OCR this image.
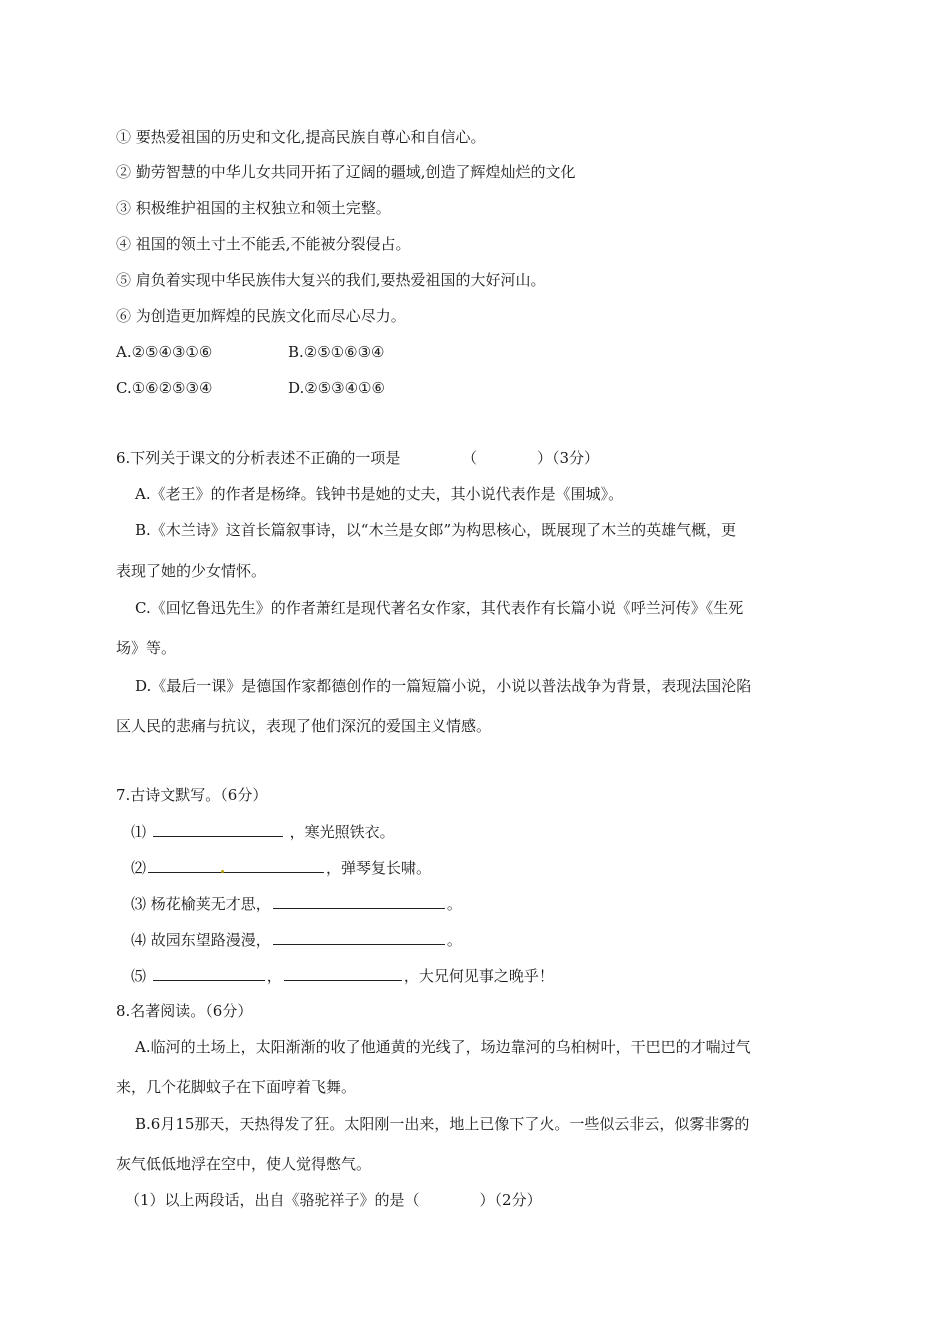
① 要热爱祖国的历史和文化,提高民族自尊心和自信心。
② 勤劳智慧的中华儿女共同开拓了辽阔的疆域,创造了辉煌灿烂的文化
③ 积极维护祖国的主权独立和领土完整。
④ 祖国的领土寸土不能丢,不能被分裂侵占。
⑤ 肩负着实现中华民族伟大复兴的我们,要热爱祖国的大好河山。
⑥ 为创造更加辉煌的民族文化而尽心尽力。
A.②⑤④③①⑥	B.②⑤①⑥③④
C.①⑥②⑤③④	D.②⑤③④①⑥
6.下列关于课文的分析表述不正确的一项是	（　　　　）（3分）
A.《老王》的作者是杨绛。钱钟书是她的丈夫，其小说代表作是《围城》。
B.《木兰诗》这首长篇叙事诗，以“木兰是女郎”为构思核心，既展现了木兰的英雄气概，更
表现了她的少女情怀。
C.《回忆鲁迅先生》的作者萧红是现代著名女作家，其代表作有长篇小说《呼兰河传》《生死
场》等。
D.《最后一课》是德国作家都德创作的一篇短篇小说，小说以普法战争为背景，表现法国沦陷
区人民的悲痛与抗议，表现了他们深沉的爱国主义情感。
7.古诗文默写。（6分）
⑴	，寒光照铁衣。
⑵	，弹琴复长啸。
⑶ 杨花榆荚无才思，	。
⑷ 故园东望路漫漫，	。
⑸	，	，大兄何见事之晚乎！
8.名著阅读。（6分）
A.临河的土场上，太阳渐渐的收了他通黄的光线了，场边靠河的乌桕树叶，干巴巴的才喘过气
来，几个花脚蚊子在下面哼着飞舞。
B.6月15那天，天热得发了狂。太阳刚一出来，地上已像下了火。一些似云非云，似雾非雾的
灰气低低地浮在空中，使人觉得憋气。
（1）以上两段话，出自《骆驼祥子》的是（　　　　）（2分）
